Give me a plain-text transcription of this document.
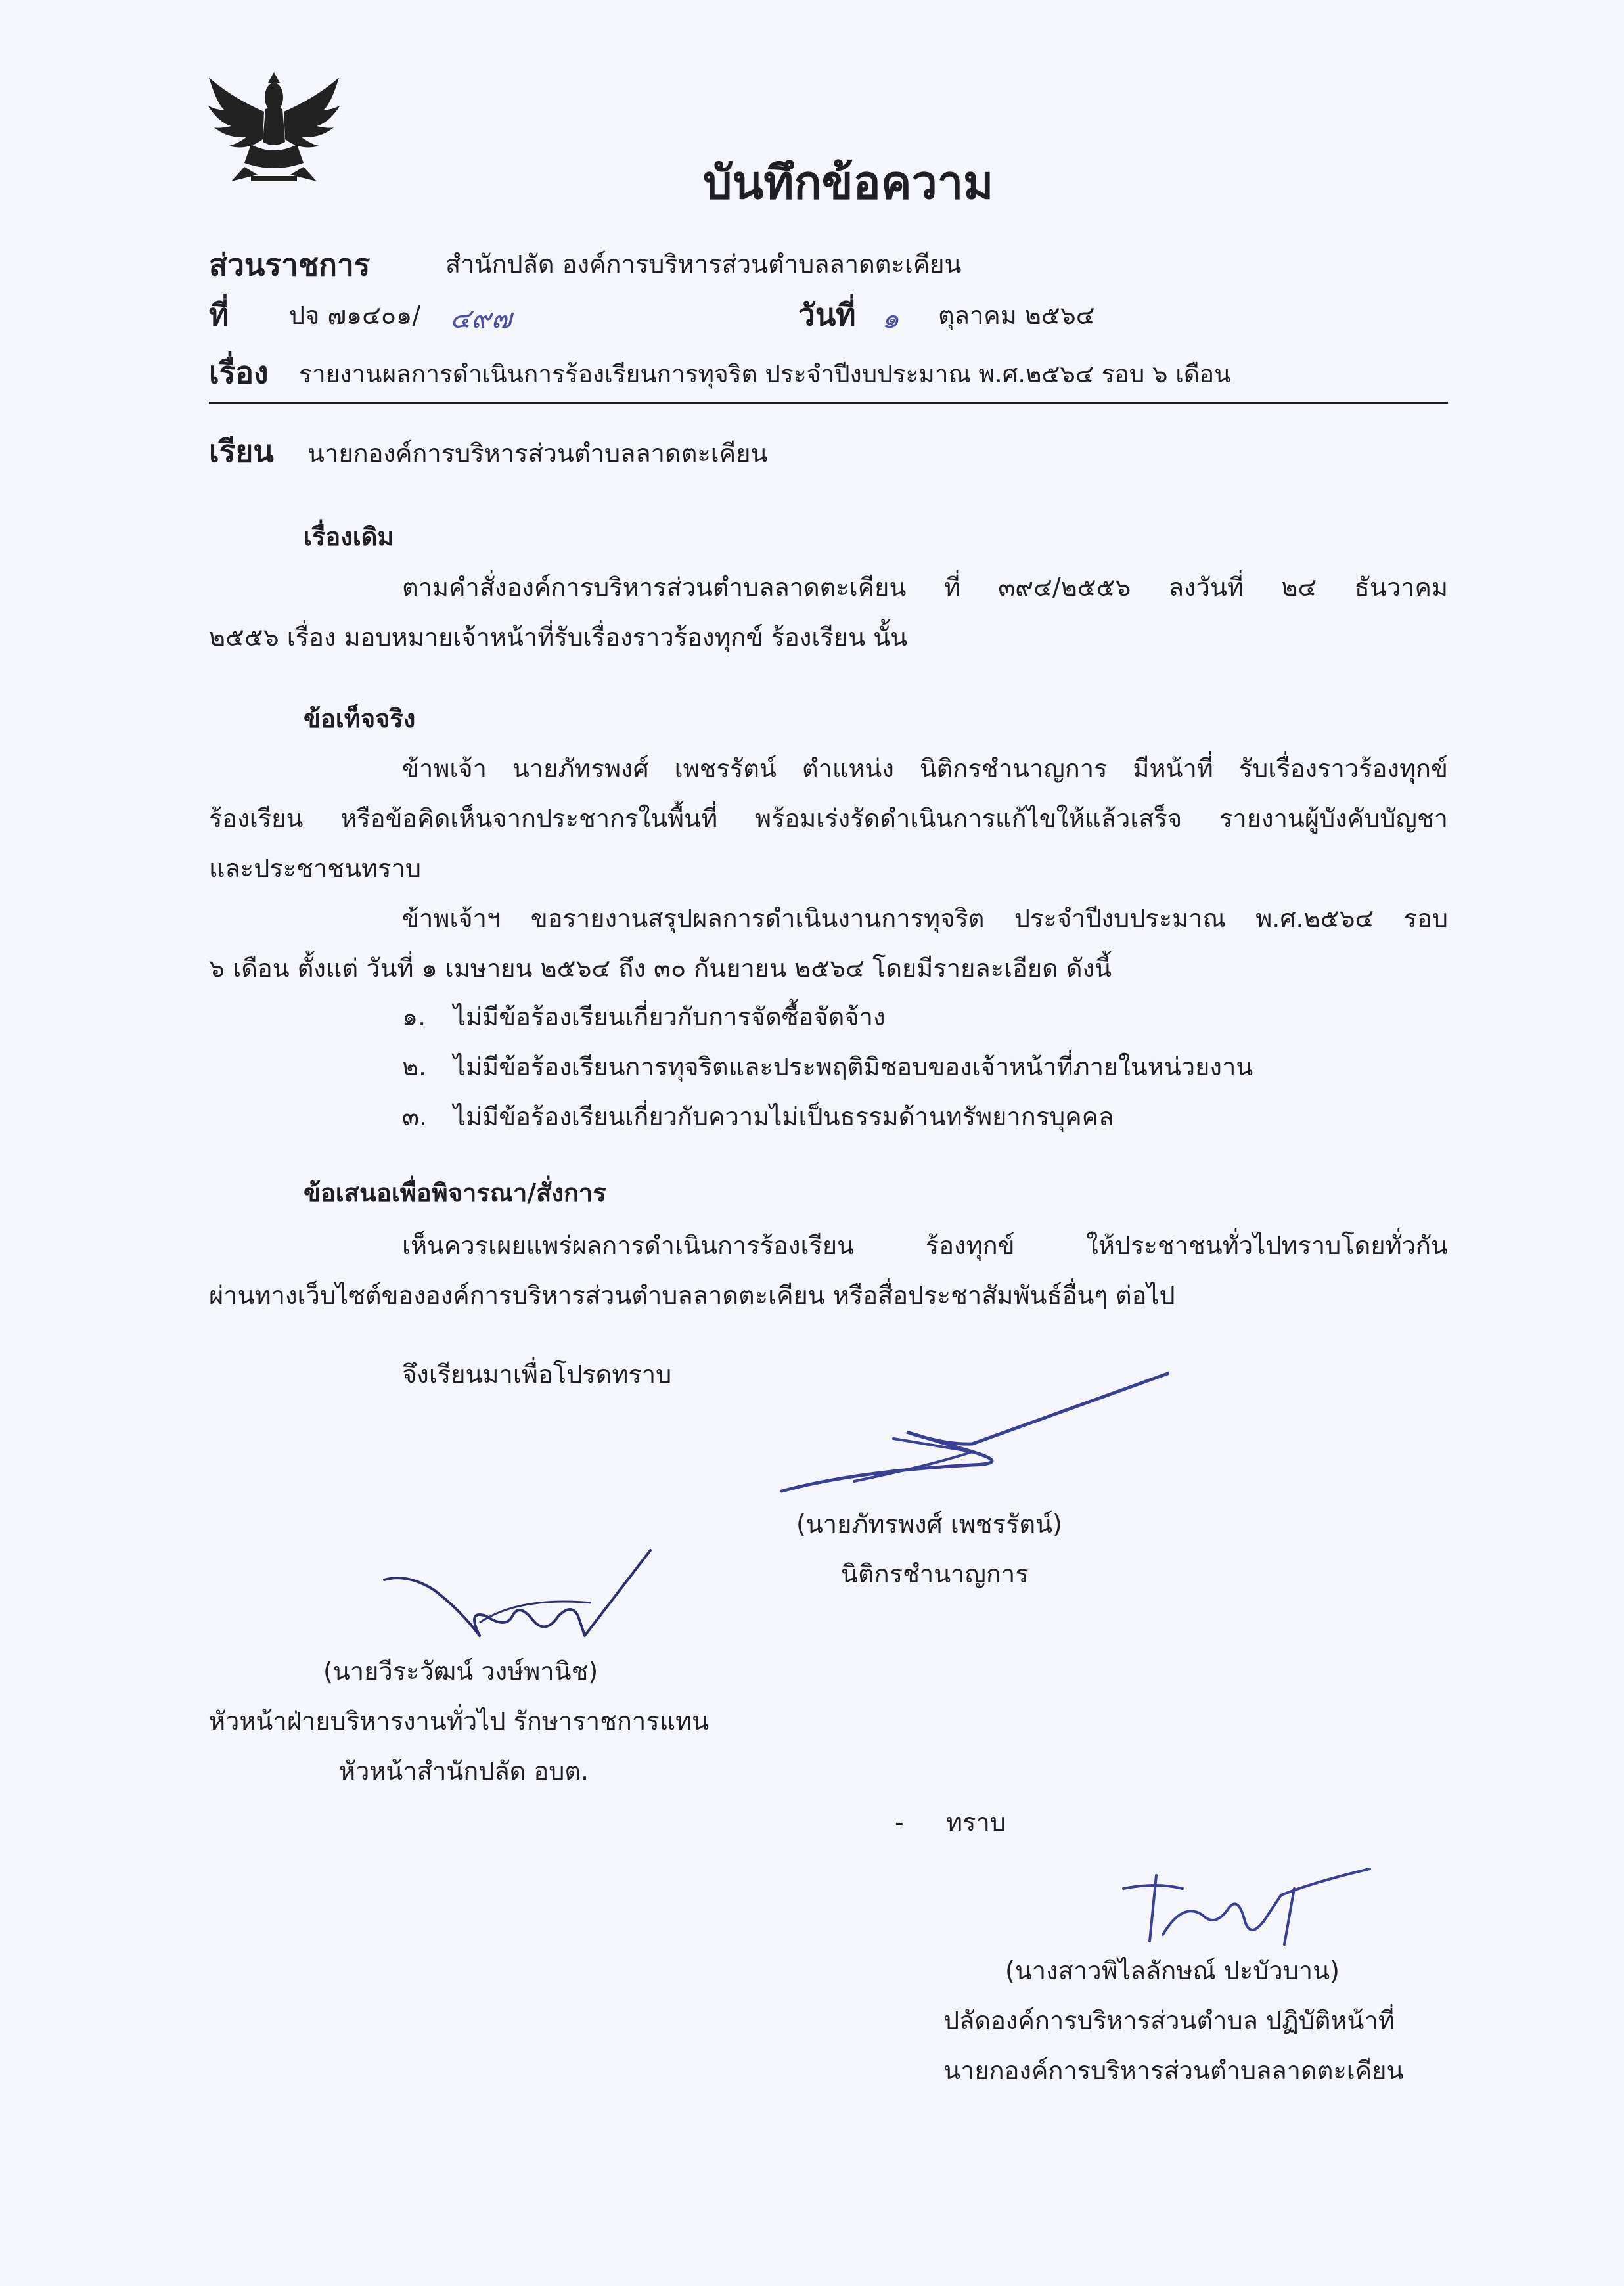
บันทึกข้อความ
ส่วนราชการ	สำนักปลัด องค์การบริหารส่วนตำบลลาดตะเคียน
ที่ ปจ ๗๑๔๐๑/ ๔๙๗	วันที่ ๑ ตุลาคม ๒๕๖๔
เรื่อง รายงานผลการดำเนินการร้องเรียนการทุจริต ประจำปีงบประมาณ พ.ศ.๒๕๖๔ รอบ ๖ เดือน
เรียน นายกองค์การบริหารส่วนตำบลลาดตะเคียน
เรื่องเดิม
ตามคำสั่งองค์การบริหารส่วนตำบลลาดตะเคียน ที่ ๓๙๔/๒๕๕๖ ลงวันที่ ๒๔ ธันวาคม
๒๕๕๖ เรื่อง มอบหมายเจ้าหน้าที่รับเรื่องราวร้องทุกข์ ร้องเรียน นั้น
ข้อเท็จจริง
ข้าพเจ้า นายภัทรพงศ์ เพชรรัตน์ ตำแหน่ง นิติกรชำนาญการ มีหน้าที่ รับเรื่องราวร้องทุกข์
ร้องเรียน หรือข้อคิดเห็นจากประชากรในพื้นที่ พร้อมเร่งรัดดำเนินการแก้ไขให้แล้วเสร็จ รายงานผู้บังคับบัญชา
และประชาชนทราบ
ข้าพเจ้าฯ ขอรายงานสรุปผลการดำเนินงานการทุจริต ประจำปีงบประมาณ พ.ศ.๒๕๖๔ รอบ
๖ เดือน ตั้งแต่ วันที่ ๑ เมษายน ๒๕๖๔ ถึง ๓๐ กันยายน ๒๕๖๔ โดยมีรายละเอียด ดังนี้
๑. ไม่มีข้อร้องเรียนเกี่ยวกับการจัดซื้อจัดจ้าง
๒. ไม่มีข้อร้องเรียนการทุจริตและประพฤติมิชอบของเจ้าหน้าที่ภายในหน่วยงาน
๓. ไม่มีข้อร้องเรียนเกี่ยวกับความไม่เป็นธรรมด้านทรัพยากรบุคคล
ข้อเสนอเพื่อพิจารณา/สั่งการ
เห็นควรเผยแพร่ผลการดำเนินการร้องเรียน ร้องทุกข์ ให้ประชาชนทั่วไปทราบโดยทั่วกัน
ผ่านทางเว็บไซต์ขององค์การบริหารส่วนตำบลลาดตะเคียน หรือสื่อประชาสัมพันธ์อื่นๆ ต่อไป
จึงเรียนมาเพื่อโปรดทราบ
(นายภัทรพงศ์ เพชรรัตน์)
นิติกรชำนาญการ
(นายวีระวัฒน์ วงษ์พานิช)
หัวหน้าฝ่ายบริหารงานทั่วไป รักษาราชการแทน
หัวหน้าสำนักปลัด อบต.
- ทราบ
(นางสาวพิไลลักษณ์ ปะบัวบาน)
ปลัดองค์การบริหารส่วนตำบล ปฏิบัติหน้าที่
นายกองค์การบริหารส่วนตำบลลาดตะเคียน
